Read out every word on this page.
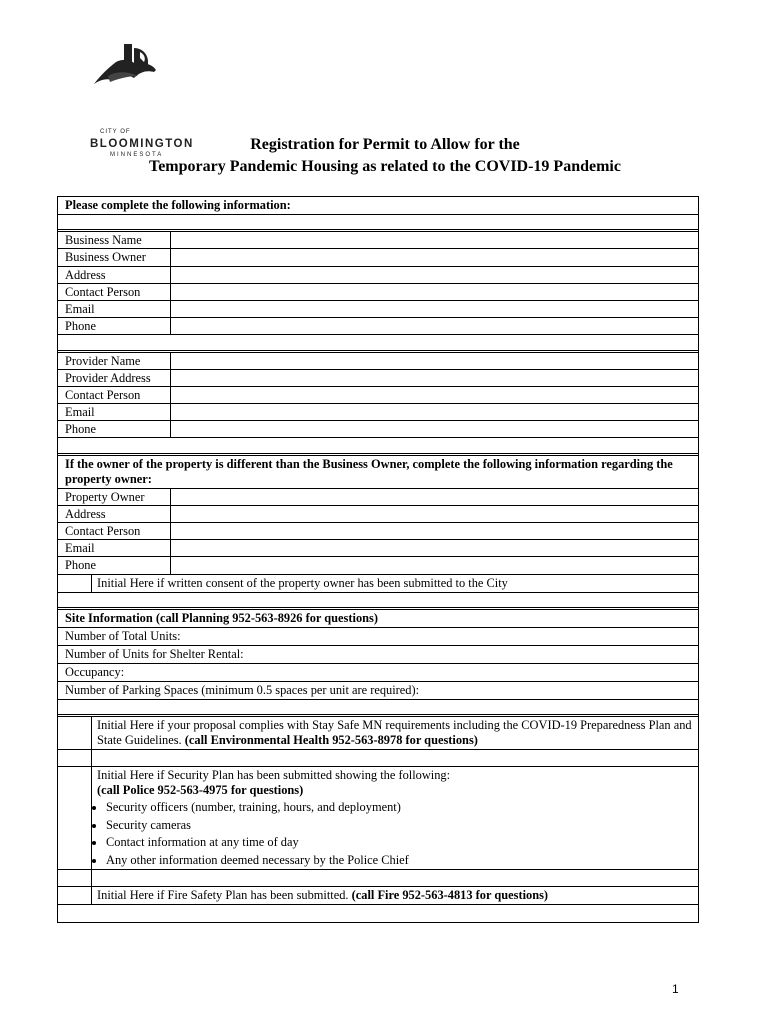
CITY OF
BLOOMINGTON
MINNESOTA
Registration for Permit to Allow for the
Temporary Pandemic Housing as related to the COVID-19 Pandemic
Please complete the following information:
Business Name
Business Owner
Address
Contact Person
Email
Phone
Provider Name
Provider Address
Contact Person
Email
Phone
If the owner of the property is different than the Business Owner, complete the following information regarding the property owner:
Property Owner
Address
Contact Person
Email
Phone
Initial Here if written consent of the property owner has been submitted to the City
Site Information (call Planning 952-563-8926 for questions)
Number of Total Units:
Number of Units for Shelter Rental:
Occupancy:
Number of Parking Spaces (minimum 0.5 spaces per unit are required):
Initial Here if your proposal complies with Stay Safe MN requirements including the COVID-19 Preparedness Plan and State Guidelines. (call Environmental Health 952-563-8978 for questions)
Initial Here if Security Plan has been submitted showing the following:
(call Police 952-563-4975 for questions)
• Security officers (number, training, hours, and deployment)
• Security cameras
• Contact information at any time of day
• Any other information deemed necessary by the Police Chief
Initial Here if Fire Safety Plan has been submitted. (call Fire 952-563-4813 for questions)
1
